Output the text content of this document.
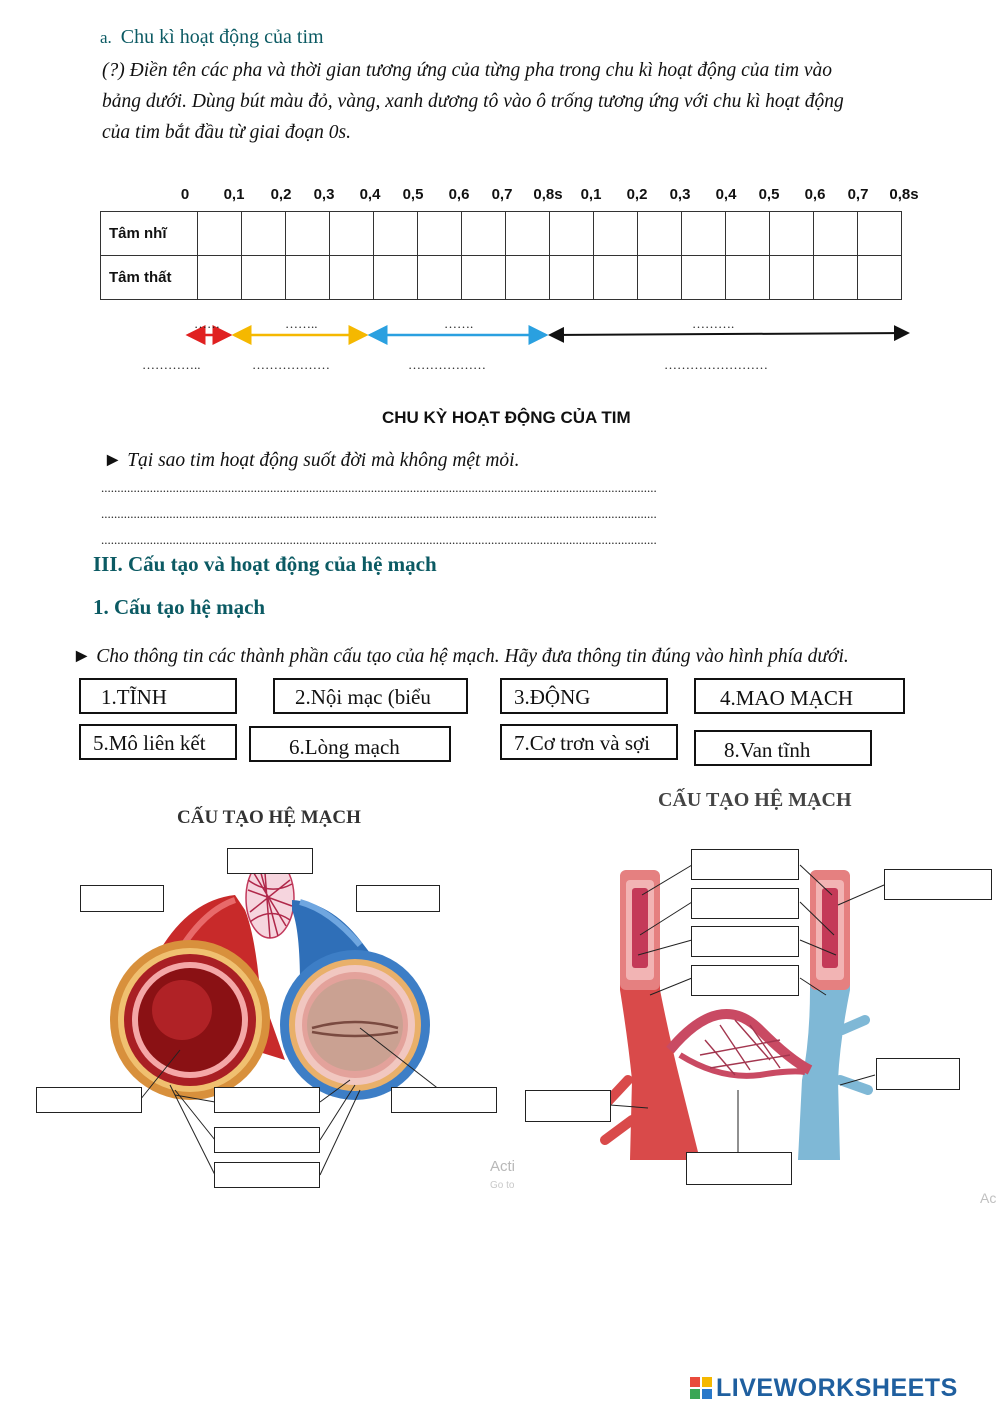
a. Chu kì hoạt động của tim
(?) Điền tên các pha và thời gian tương ứng của từng pha trong chu kì hoạt động của tim vào
bảng dưới. Dùng bút màu đỏ, vàng, xanh dương tô vào ô trống tương ứng với chu kì hoạt động
của tim bắt đầu từ giai đoạn 0s.
0 0,1 0,2 0,3 0,4 0,5 0,6 0,7 0,8s 0,1 0,2 0,3 0,4 0,5 0,6 0,7 0,8s
Tâm nhĩ																
Tâm thất																
……	……..	…….	……….
…………..	………………	………………	……………………
CHU KỲ HOẠT ĐỘNG CỦA TIM
► Tại sao tim hoạt động suốt đời mà không mệt mỏi.
...........................................................................................................................................................................
...........................................................................................................................................................................
...........................................................................................................................................................................
III. Cấu tạo và hoạt động của hệ mạch
1. Cấu tạo hệ mạch
► Cho thông tin các thành phần cấu tạo của hệ mạch. Hãy đưa thông tin đúng vào hình phía dưới.
1.TĨNH	2.Nội mạc (biểu	3.ĐỘNG	4.MAO MẠCH
5.Mô liên kết	6.Lòng mạch	7.Cơ trơn và sợi	8.Van tĩnh
CẤU TẠO HỆ MẠCH
Acti
Go to
CẤU TẠO HỆ MẠCH
Ac
LIVEWORKSHEETS
